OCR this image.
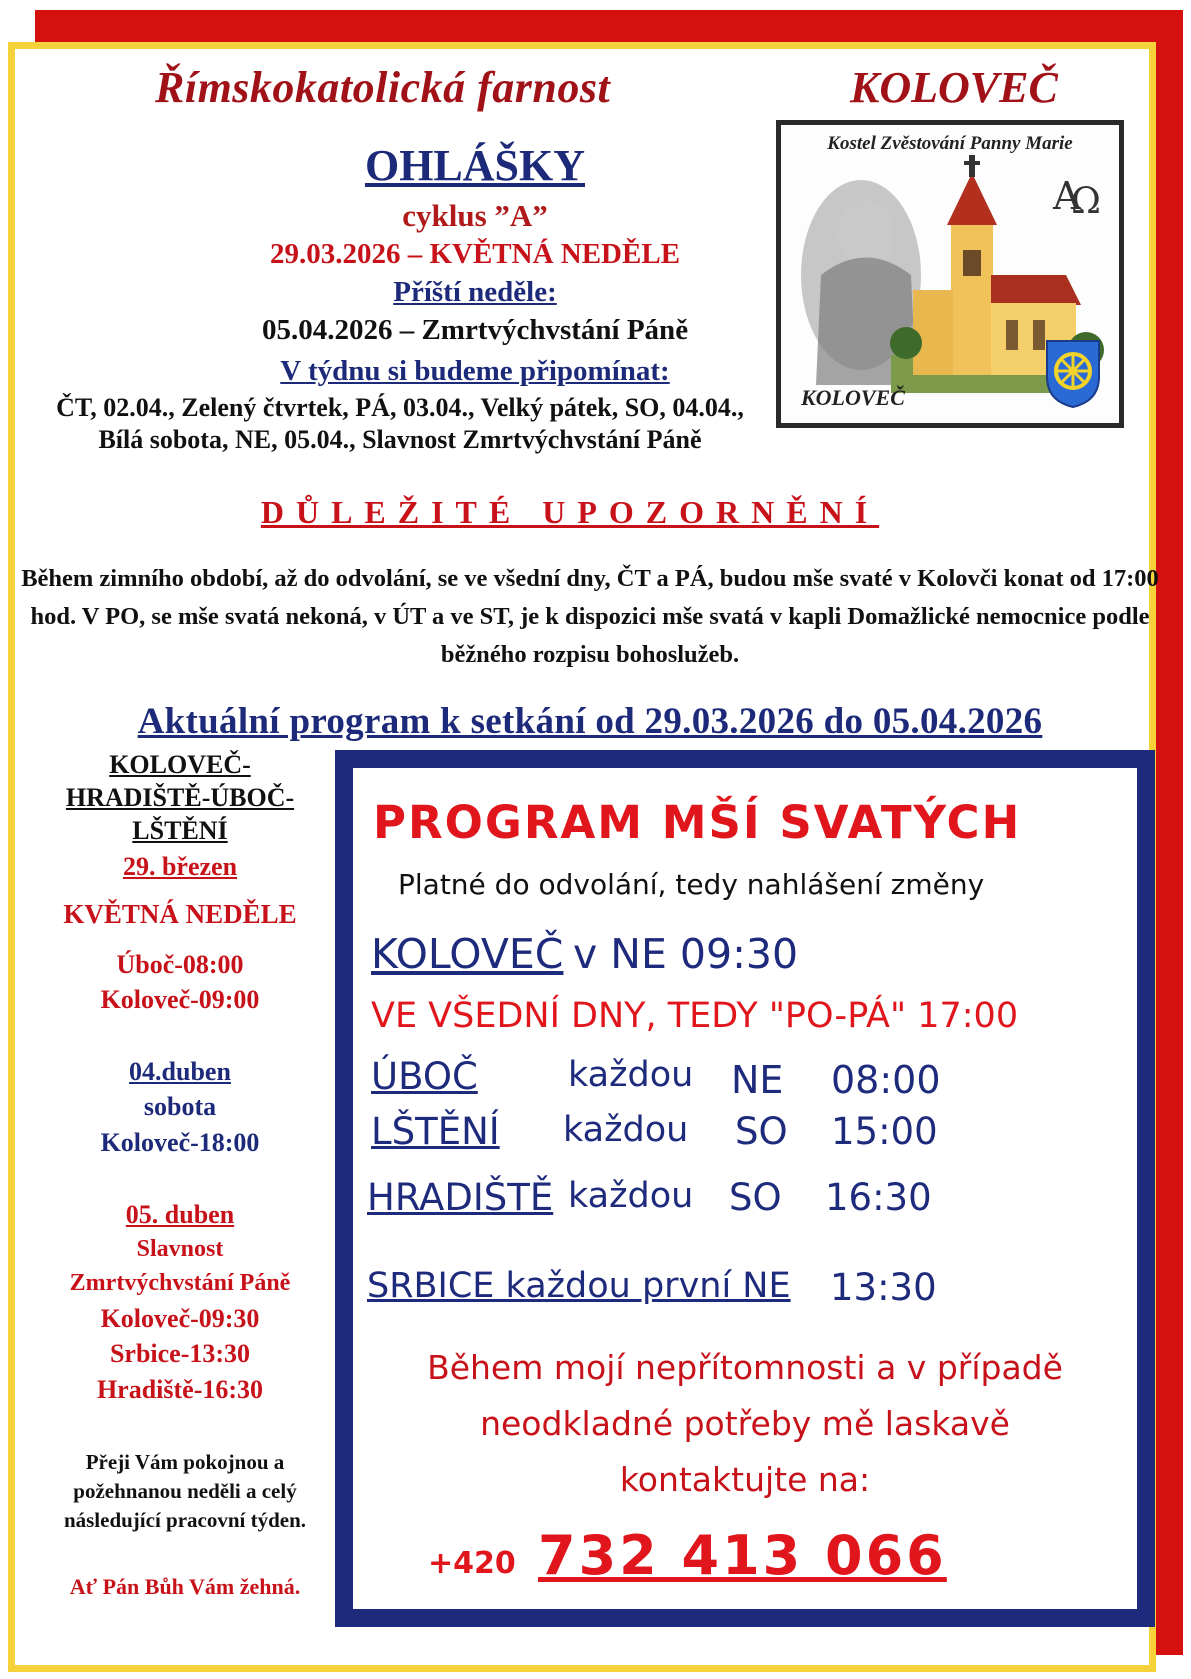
Římskokatolická farnost	KOLOVEČ
OHLÁŠKY
cyklus ”A”
29.03.2026 – KVĚTNÁ NEDĚLE
Příští neděle:
05.04.2026 – Zmrtvýchvstání Páně
V týdnu si budeme připomínat:
ČT, 02.04., Zelený čtvrtek, PÁ, 03.04., Velký pátek, SO, 04.04., Bílá sobota, NE, 05.04., Slavnost Zmrtvýchvstání Páně
DŮLEŽITÉ UPOZORNĚNÍ
Během zimního období, až do odvolání, se ve všední dny, ČT a PÁ, budou mše svaté v Kolovči konat od 17:00 hod. V PO, se mše svatá nekoná, v ÚT a ve ST, je k dispozici mše svatá v kapli Domažlické nemocnice podle běžného rozpisu bohoslužeb.
Aktuální program k setkání od 29.03.2026 do 05.04.2026
Kostel Zvěstování Panny Marie
A
Ω
KOLOVEČ
KOLOVEČ-
HRADIŠTĚ-ÚBOČ-
LŠTĚNÍ
29. březen
KVĚTNÁ NEDĚLE
Úboč-08:00
Koloveč-09:00
04.duben
sobota
Koloveč-18:00
05. duben
Slavnost
Zmrtvýchvstání Páně
Koloveč-09:30
Srbice-13:30
Hradiště-16:30
Přeji Vám pokojnou a požehnanou neděli a celý následující pracovní týden.
Ať Pán Bůh Vám žehná.
PROGRAM MŠÍ SVATÝCH
Platné do odvolání, tedy nahlášení změny
KOLOVEČ v NE 09:30
VE VŠEDNÍ DNY, TEDY "PO-PÁ" 17:00
ÚBOČ	každou NE 08:00
LŠTĚNÍ každou SO 15:00
HRADIŠTĚ každou SO 16:30
SRBICE každou první NE 13:30
Během mojí nepřítomnosti a v případě
neodkladné potřeby mě laskavě
kontaktujte na:
+420 732 413 066
